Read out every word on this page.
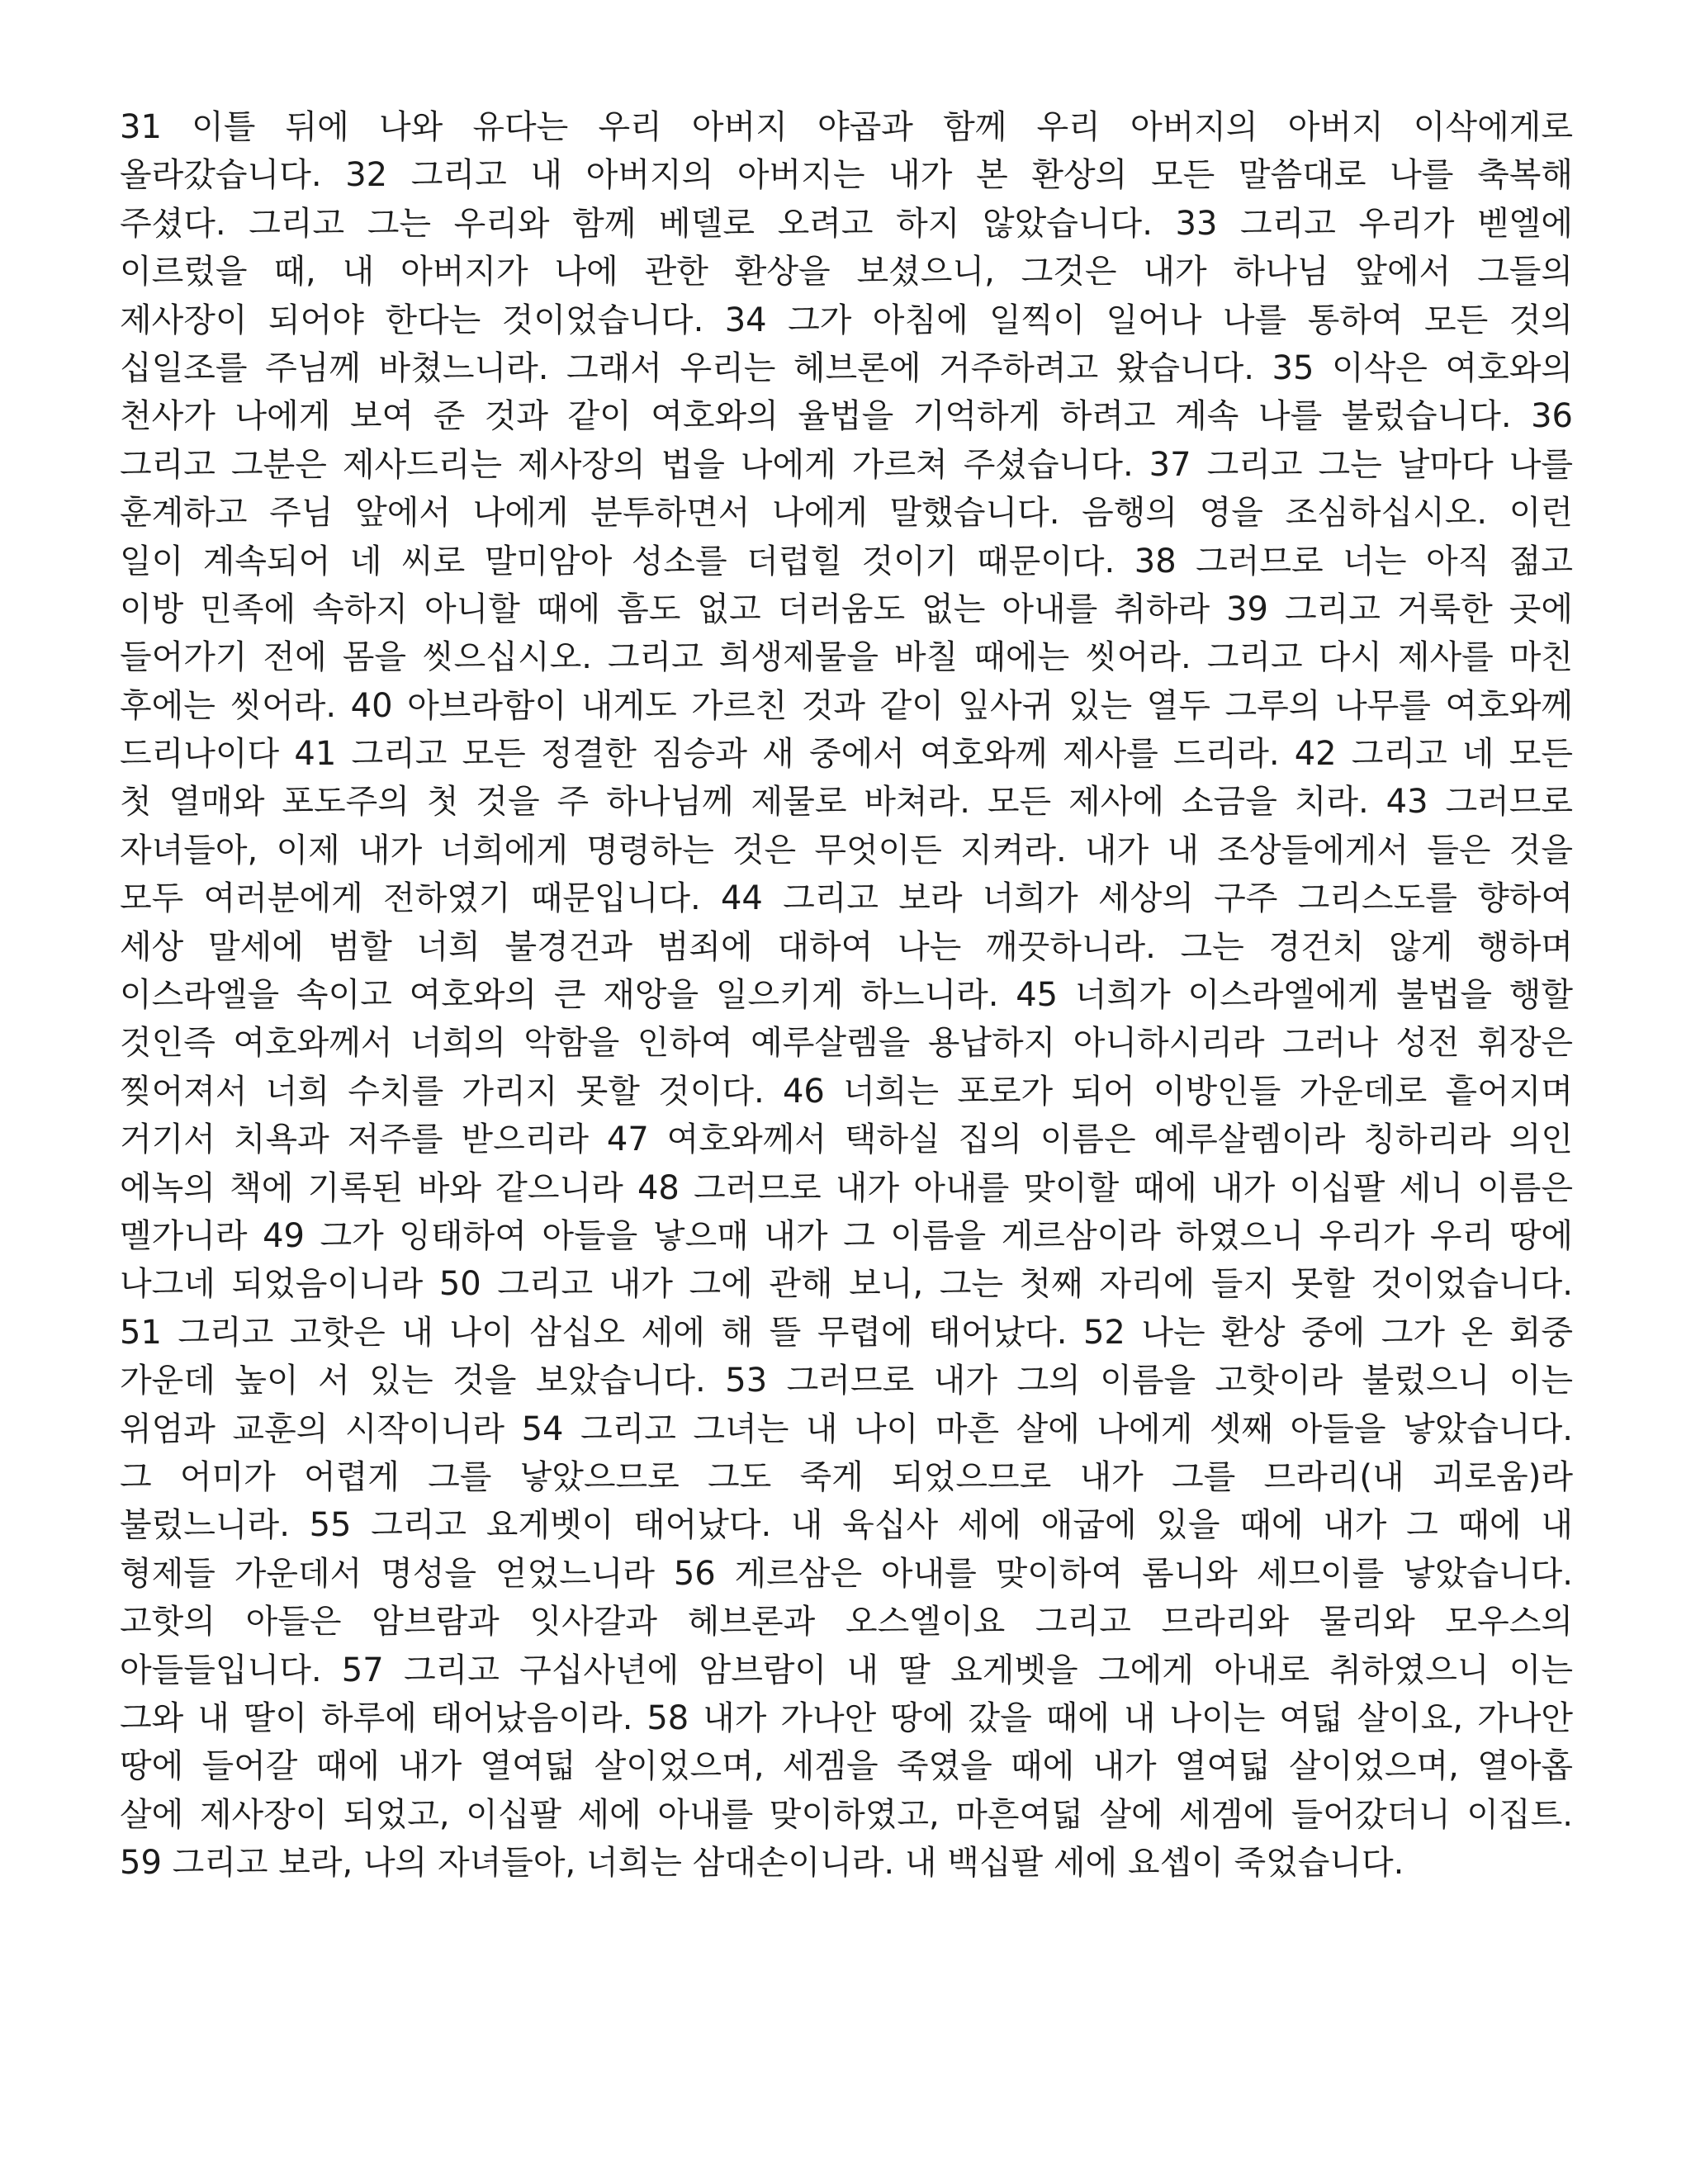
31 이틀 뒤에 나와 유다는 우리 아버지 야곱과 함께 우리 아버지의 아버지 이삭에게로
올라갔습니다. 32 그리고 내 아버지의 아버지는 내가 본 환상의 모든 말씀대로 나를 축복해
주셨다. 그리고 그는 우리와 함께 베델로 오려고 하지 않았습니다. 33 그리고 우리가 벧엘에
이르렀을 때, 내 아버지가 나에 관한 환상을 보셨으니, 그것은 내가 하나님 앞에서 그들의
제사장이 되어야 한다는 것이었습니다. 34 그가 아침에 일찍이 일어나 나를 통하여 모든 것의
십일조를 주님께 바쳤느니라. 그래서 우리는 헤브론에 거주하려고 왔습니다. 35 이삭은 여호와의
천사가 나에게 보여 준 것과 같이 여호와의 율법을 기억하게 하려고 계속 나를 불렀습니다. 36
그리고 그분은 제사드리는 제사장의 법을 나에게 가르쳐 주셨습니다. 37 그리고 그는 날마다 나를
훈계하고 주님 앞에서 나에게 분투하면서 나에게 말했습니다. 음행의 영을 조심하십시오. 이런
일이 계속되어 네 씨로 말미암아 성소를 더럽힐 것이기 때문이다. 38 그러므로 너는 아직 젊고
이방 민족에 속하지 아니할 때에 흠도 없고 더러움도 없는 아내를 취하라 39 그리고 거룩한 곳에
들어가기 전에 몸을 씻으십시오. 그리고 희생제물을 바칠 때에는 씻어라. 그리고 다시 제사를 마친
후에는 씻어라. 40 아브라함이 내게도 가르친 것과 같이 잎사귀 있는 열두 그루의 나무를 여호와께
드리나이다 41 그리고 모든 정결한 짐승과 새 중에서 여호와께 제사를 드리라. 42 그리고 네 모든
첫 열매와 포도주의 첫 것을 주 하나님께 제물로 바쳐라. 모든 제사에 소금을 치라. 43 그러므로
자녀들아, 이제 내가 너희에게 명령하는 것은 무엇이든 지켜라. 내가 내 조상들에게서 들은 것을
모두 여러분에게 전하였기 때문입니다. 44 그리고 보라 너희가 세상의 구주 그리스도를 향하여
세상 말세에 범할 너희 불경건과 범죄에 대하여 나는 깨끗하니라. 그는 경건치 않게 행하며
이스라엘을 속이고 여호와의 큰 재앙을 일으키게 하느니라. 45 너희가 이스라엘에게 불법을 행할
것인즉 여호와께서 너희의 악함을 인하여 예루살렘을 용납하지 아니하시리라 그러나 성전 휘장은
찢어져서 너희 수치를 가리지 못할 것이다. 46 너희는 포로가 되어 이방인들 가운데로 흩어지며
거기서 치욕과 저주를 받으리라 47 여호와께서 택하실 집의 이름은 예루살렘이라 칭하리라 의인
에녹의 책에 기록된 바와 같으니라 48 그러므로 내가 아내를 맞이할 때에 내가 이십팔 세니 이름은
멜가니라 49 그가 잉태하여 아들을 낳으매 내가 그 이름을 게르삼이라 하였으니 우리가 우리 땅에
나그네 되었음이니라 50 그리고 내가 그에 관해 보니, 그는 첫째 자리에 들지 못할 것이었습니다.
51 그리고 고핫은 내 나이 삼십오 세에 해 뜰 무렵에 태어났다. 52 나는 환상 중에 그가 온 회중
가운데 높이 서 있는 것을 보았습니다. 53 그러므로 내가 그의 이름을 고핫이라 불렀으니 이는
위엄과 교훈의 시작이니라 54 그리고 그녀는 내 나이 마흔 살에 나에게 셋째 아들을 낳았습니다.
그 어미가 어렵게 그를 낳았으므로 그도 죽게 되었으므로 내가 그를 므라리(내 괴로움)라
불렀느니라. 55 그리고 요게벳이 태어났다. 내 육십사 세에 애굽에 있을 때에 내가 그 때에 내
형제들 가운데서 명성을 얻었느니라 56 게르삼은 아내를 맞이하여 롬니와 세므이를 낳았습니다.
고핫의 아들은 암브람과 잇사갈과 헤브론과 오스엘이요 그리고 므라리와 물리와 모우스의
아들들입니다. 57 그리고 구십사년에 암브람이 내 딸 요게벳을 그에게 아내로 취하였으니 이는
그와 내 딸이 하루에 태어났음이라. 58 내가 가나안 땅에 갔을 때에 내 나이는 여덟 살이요, 가나안
땅에 들어갈 때에 내가 열여덟 살이었으며, 세겜을 죽였을 때에 내가 열여덟 살이었으며, 열아홉
살에 제사장이 되었고, 이십팔 세에 아내를 맞이하였고, 마흔여덟 살에 세겜에 들어갔더니 이집트.
59 그리고 보라, 나의 자녀들아, 너희는 삼대손이니라. 내 백십팔 세에 요셉이 죽었습니다.
